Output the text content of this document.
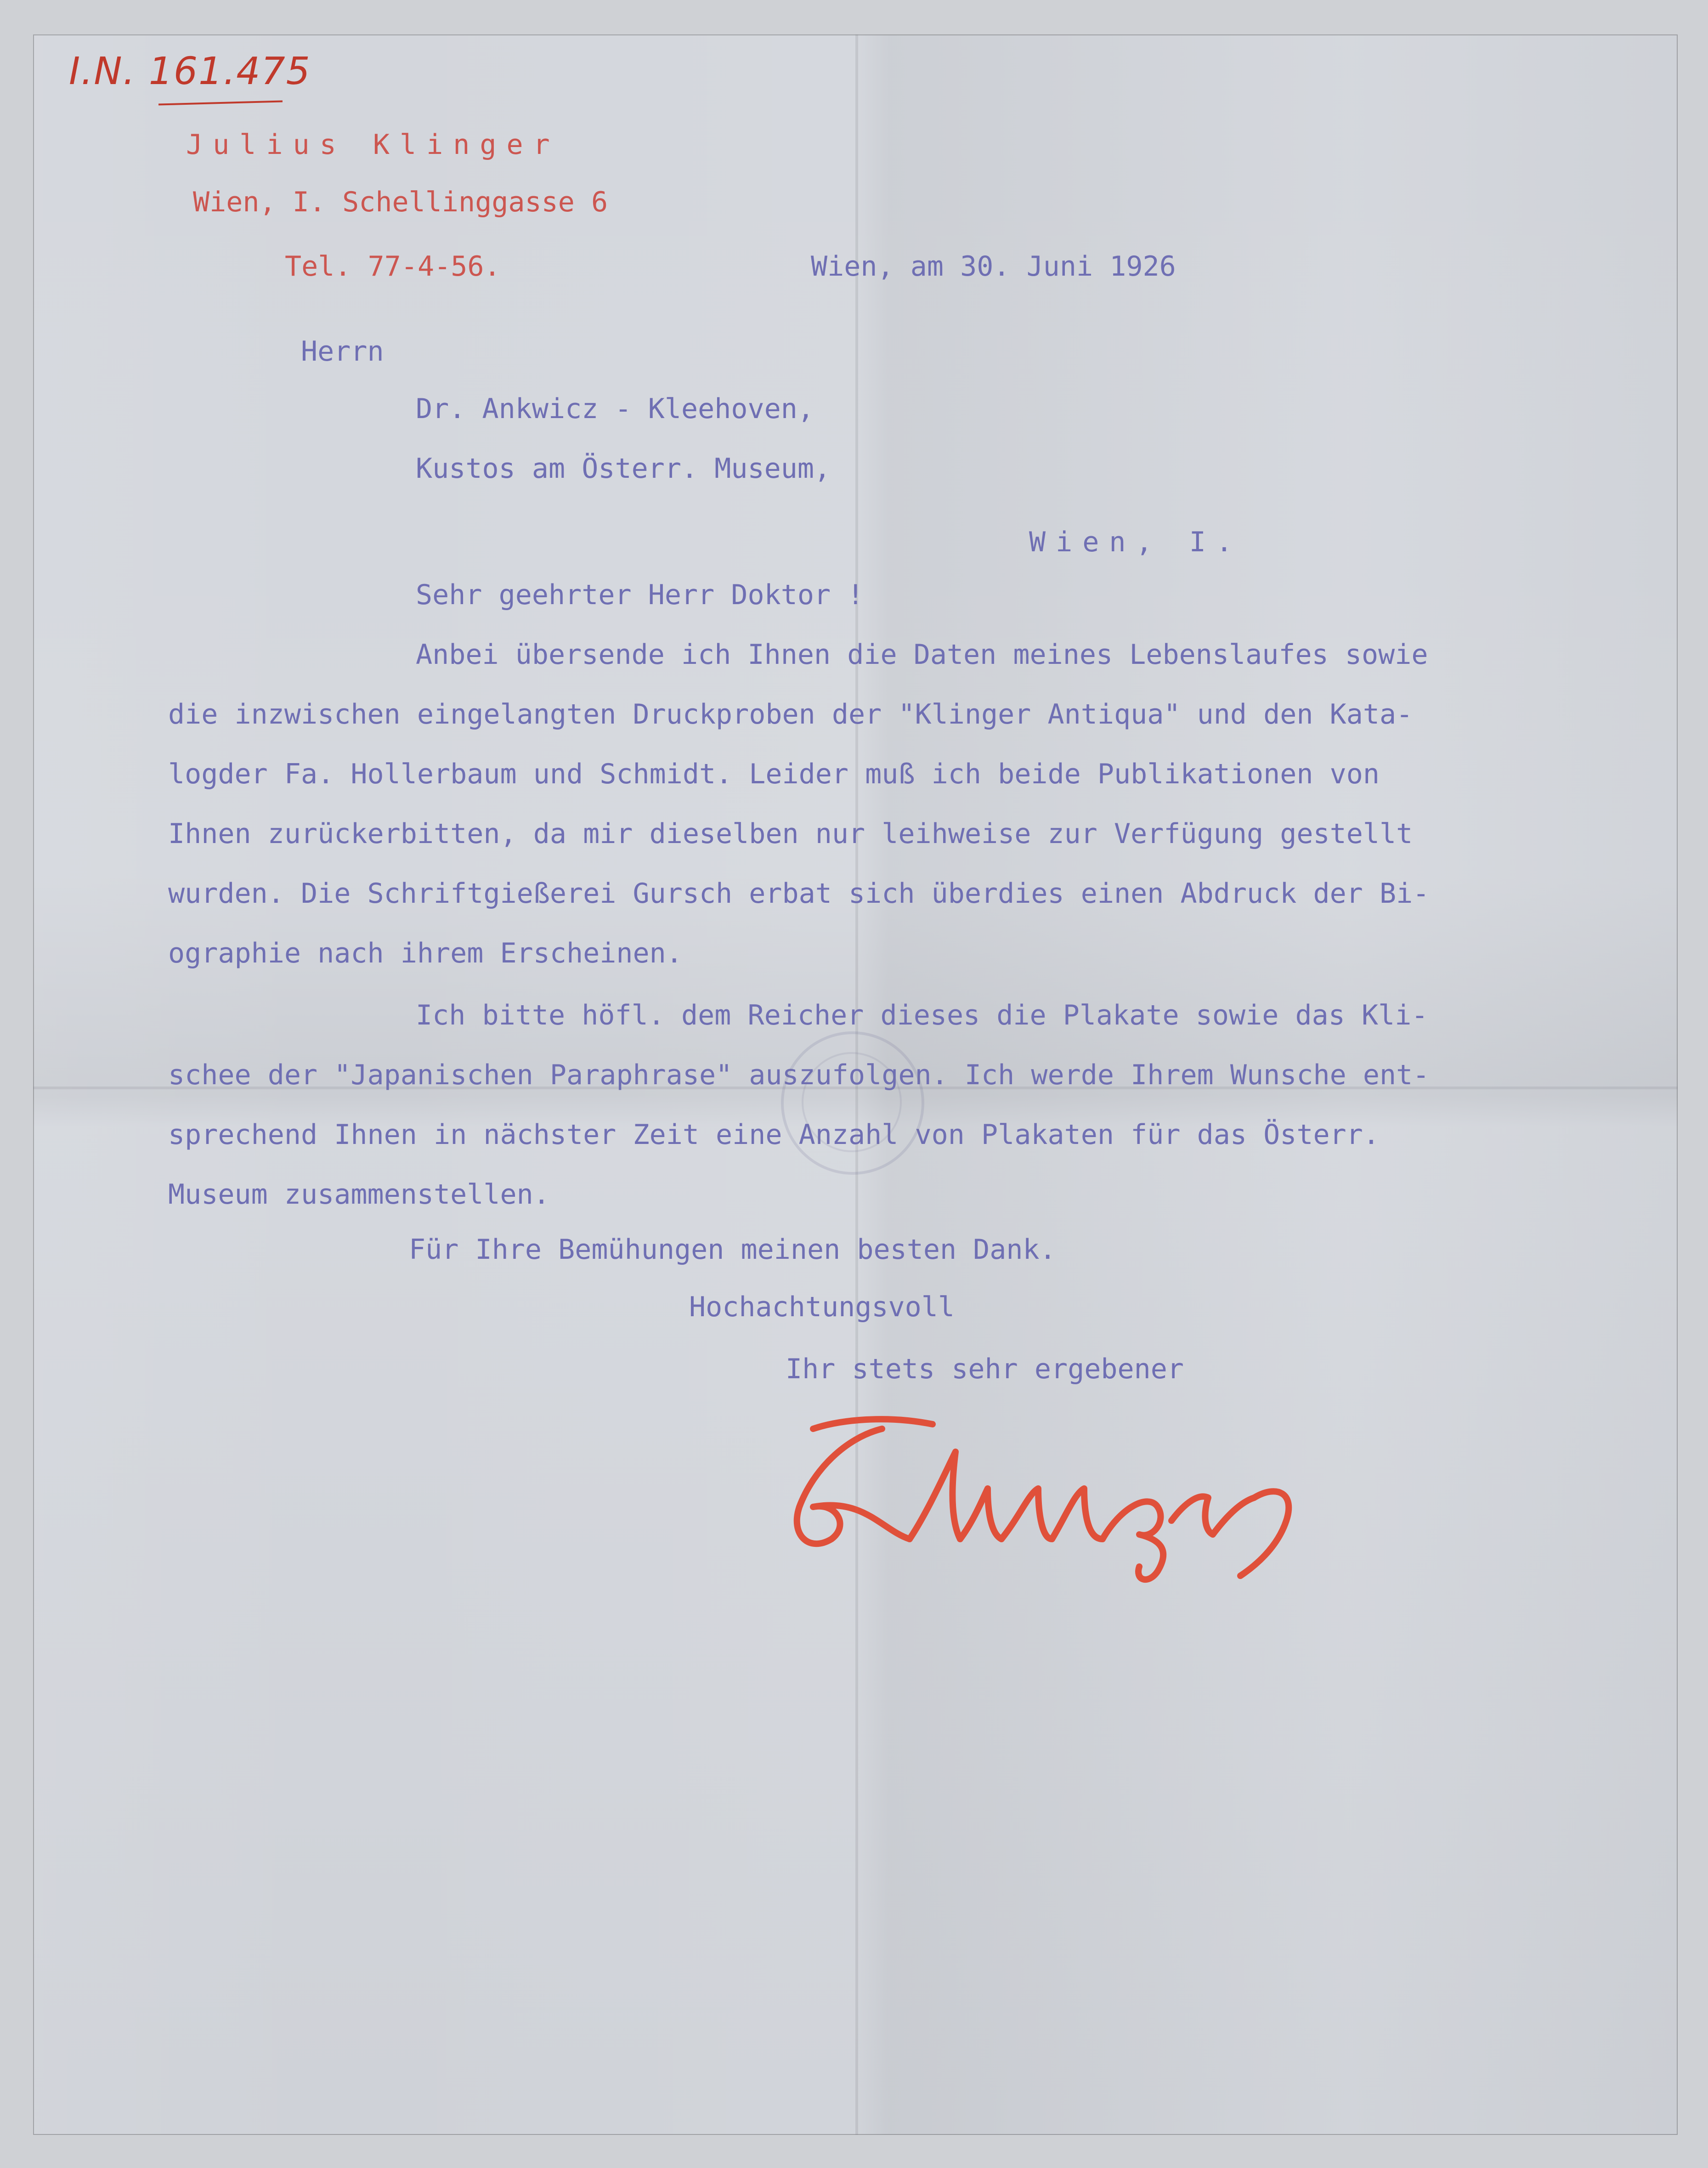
I.N. 161.475
Julius Klinger
Wien, I. Schellinggasse 6
Tel. 77-4-56.	Wien, am 30. Juni 1926
Herrn
Dr. Ankwicz - Kleehoven,
Kustos am Österr. Museum,
Wien, I.
Sehr geehrter Herr Doktor !
Anbei übersende ich Ihnen die Daten meines Lebenslaufes sowie
die inzwischen eingelangten Druckproben der "Klinger Antiqua" und den Kata-
logder Fa. Hollerbaum und Schmidt. Leider muß ich beide Publikationen von
Ihnen zurückerbitten, da mir dieselben nur leihweise zur Verfügung gestellt
wurden. Die Schriftgießerei Gursch erbat sich überdies einen Abdruck der Bi-
ographie nach ihrem Erscheinen.
Ich bitte höfl. dem Reicher dieses die Plakate sowie das Kli-
schee der "Japanischen Paraphrase" auszufolgen. Ich werde Ihrem Wunsche ent-
sprechend Ihnen in nächster Zeit eine Anzahl von Plakaten für das Österr.
Museum zusammenstellen.
Für Ihre Bemühungen meinen besten Dank.
Hochachtungsvoll
Ihr stets sehr ergebener
